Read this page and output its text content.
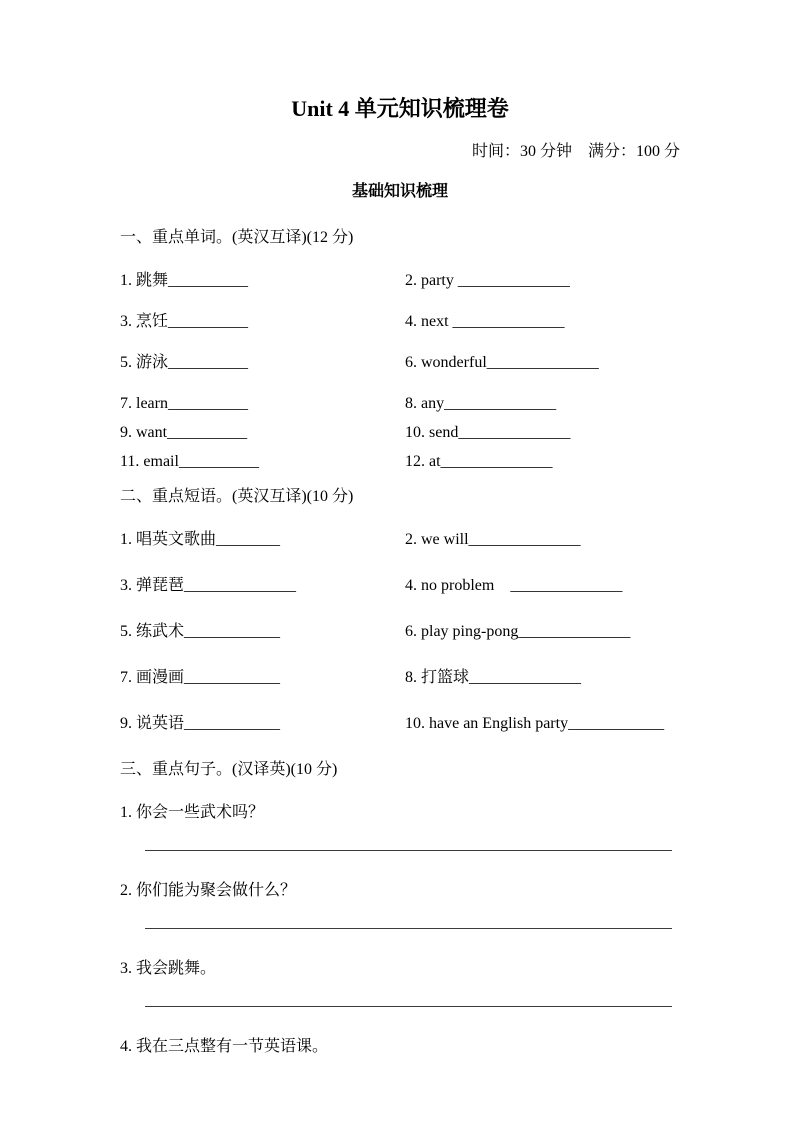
Unit 4 单元知识梳理卷
时间：30 分钟　满分：100 分
基础知识梳理
一、重点单词。(英汉互译)(12 分)
1. 跳舞__________	2. party ______________
3. 烹饪__________	4. next ______________
5. 游泳__________	6. wonderful______________
7. learn__________	8. any______________
9. want__________	10. send______________
11. email__________	12. at______________
二、重点短语。(英汉互译)(10 分)
1. 唱英文歌曲________	2. we will______________
3. 弹琵琶______________	4. no problem　______________
5. 练武术____________	6. play ping-pong______________
7. 画漫画____________	8. 打篮球______________
9. 说英语____________	10. have an English party____________
三、重点句子。(汉译英)(10 分)
1. 你会一些武术吗？
2. 你们能为聚会做什么？
3. 我会跳舞。
4. 我在三点整有一节英语课。
